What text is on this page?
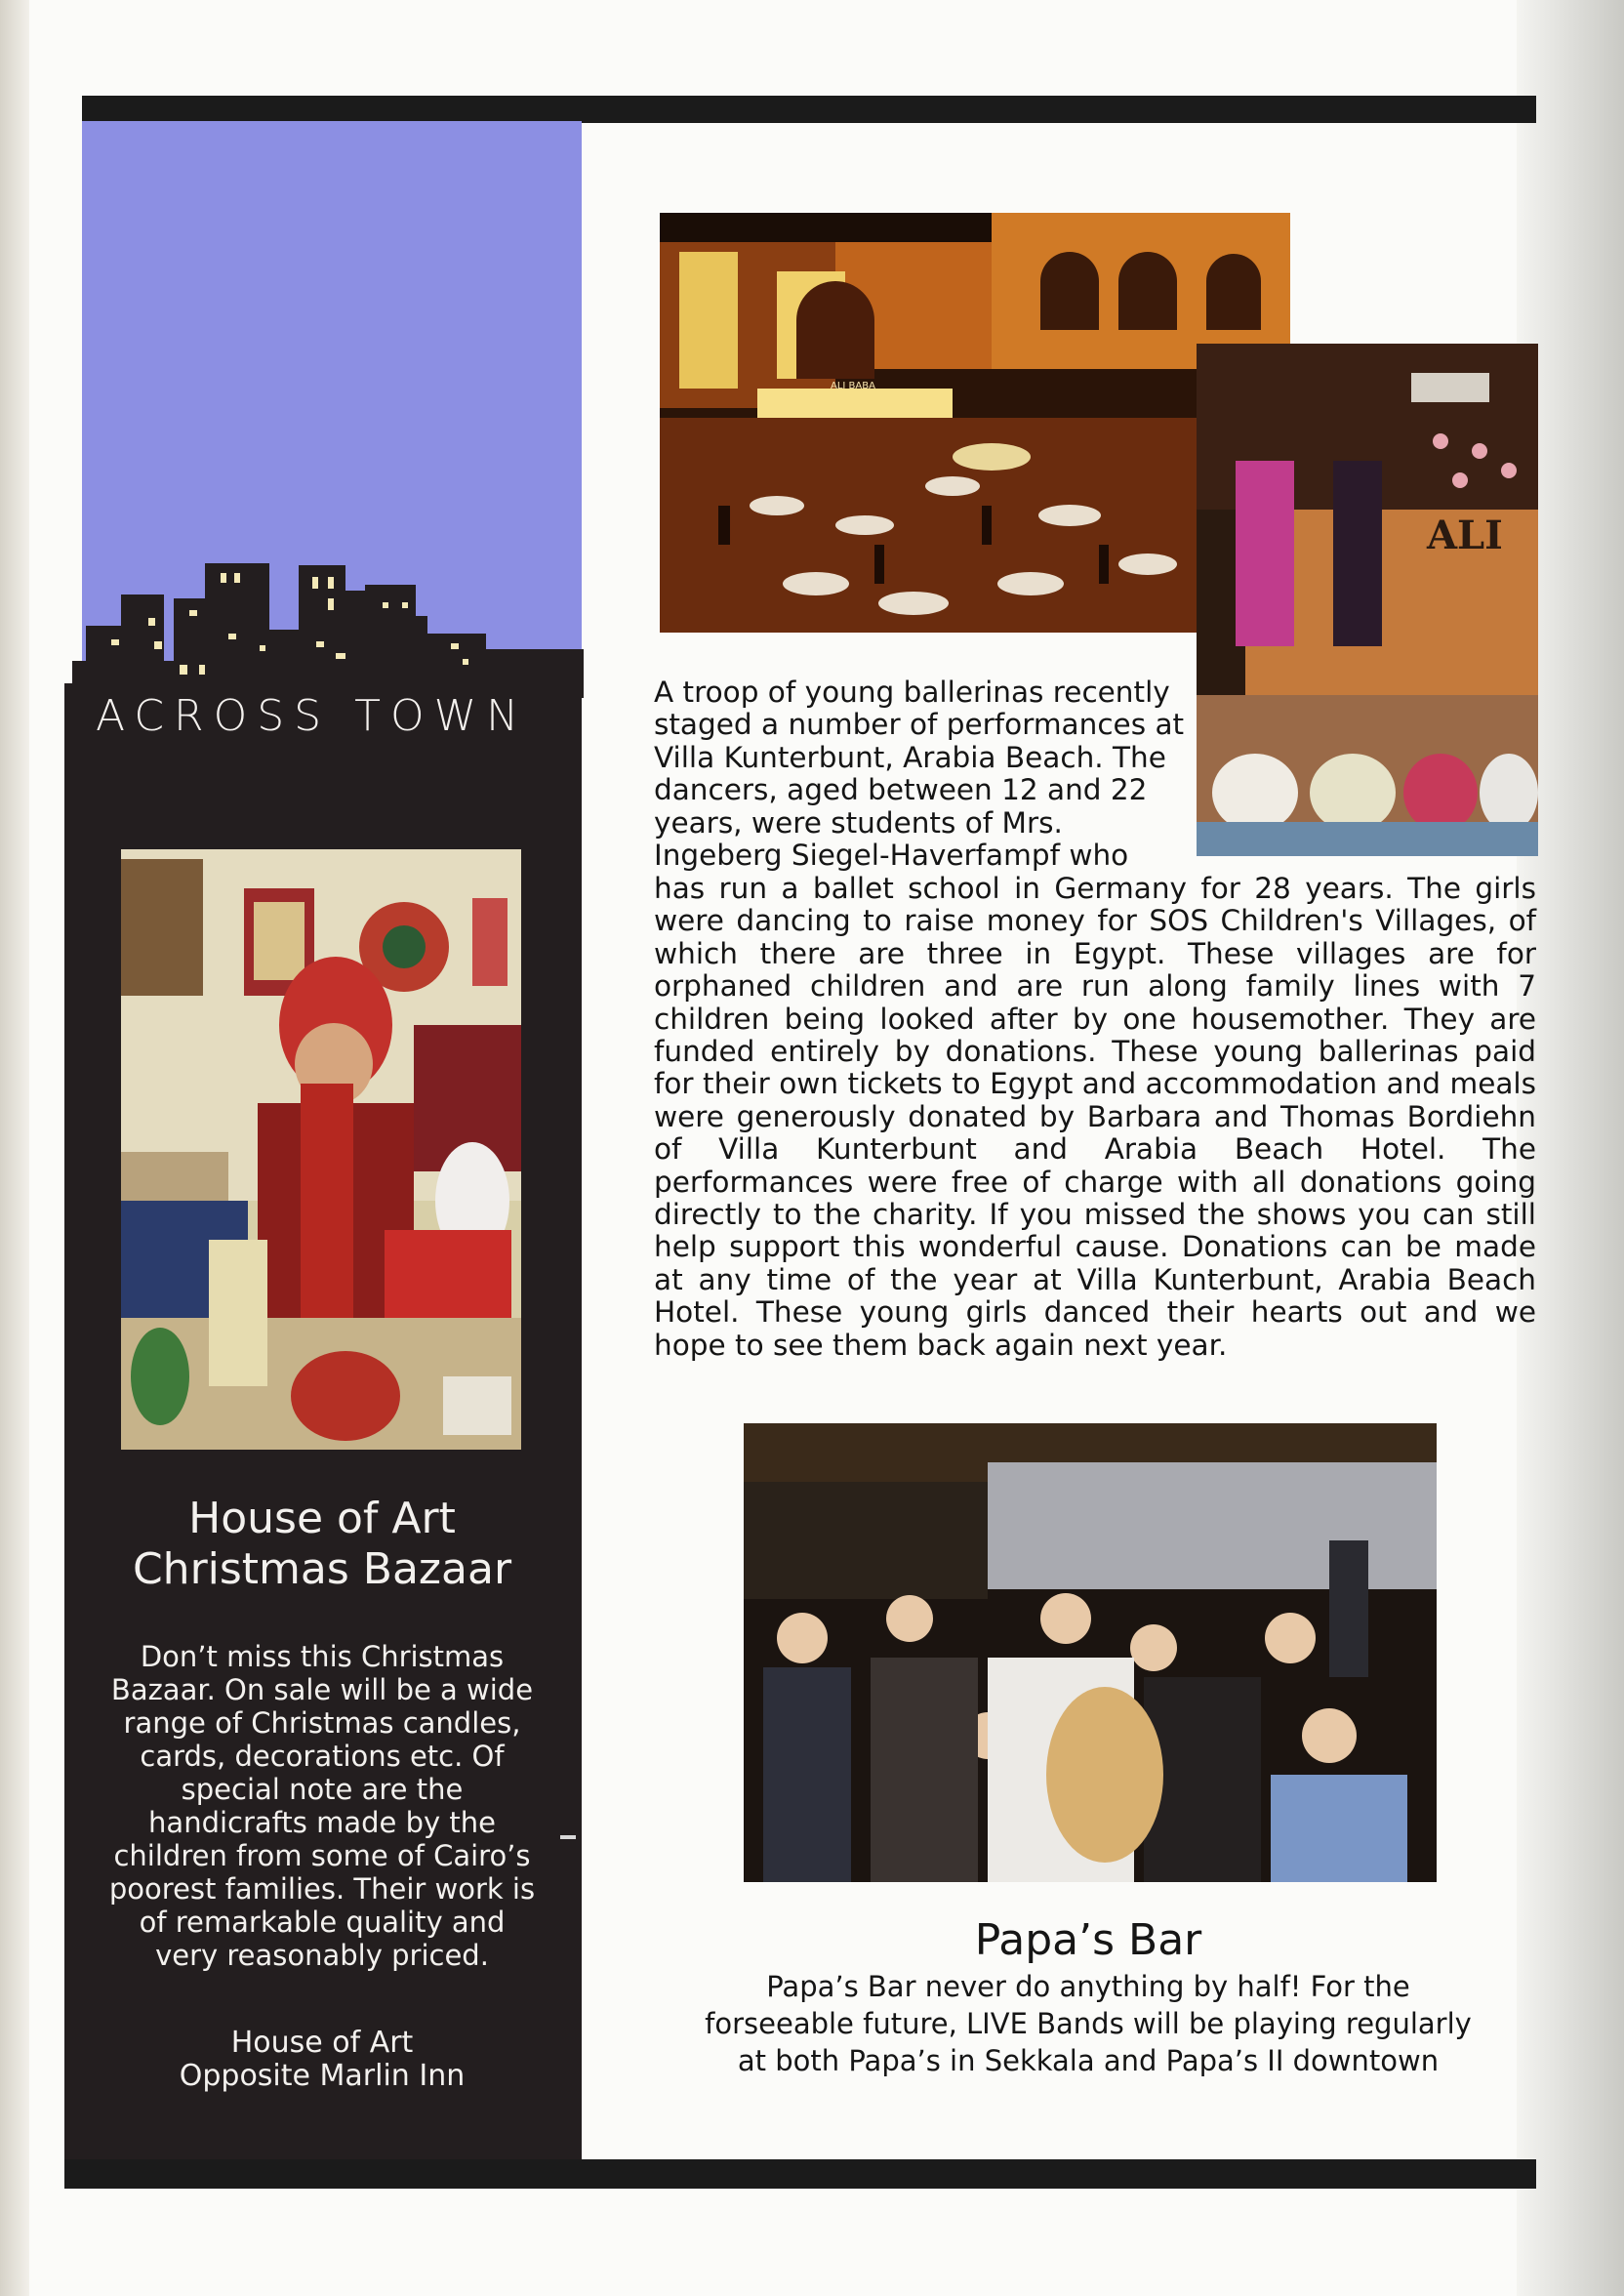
ACROSS TOWN
House of Art
Christmas Bazaar
Don’t miss this Christmas Bazaar. On sale will be a wide range of Christmas candles, cards, decorations etc. Of special note are the handicrafts made by the children from some of Cairo’s poorest families. Their work is of remarkable quality and very reasonably priced.
House of Art
Opposite Marlin Inn
ALI BABA
ALI
A troop of young ballerinas recently staged a number of performances at Villa Kunterbunt, Arabia Beach. The dancers, aged between 12 and 22 years, were students of Mrs. Ingeberg Siegel-Haverfampf who
has run a ballet school in Germany for 28 years. The girls were dancing to raise money for SOS Children's Villages, of which there are three in Egypt. These villages are for orphaned children and are run along family lines with 7 children being looked after by one housemother. They are funded entirely by donations. These young ballerinas paid for their own tickets to Egypt and accommodation and meals were generously donated by Barbara and Thomas Bordiehn of Villa Kunterbunt and Arabia Beach Hotel. The performances were free of charge with all donations going directly to the charity. If you missed the shows you can still help support this wonderful cause. Donations can be made at any time of the year at Villa Kunterbunt, Arabia Beach Hotel. These young girls danced their hearts out and we hope to see them back again next year.
Papa’s Bar
Papa’s Bar never do anything by half! For the
forseeable future, LIVE Bands will be playing regularly
at both Papa’s in Sekkala and Papa’s II downtown
